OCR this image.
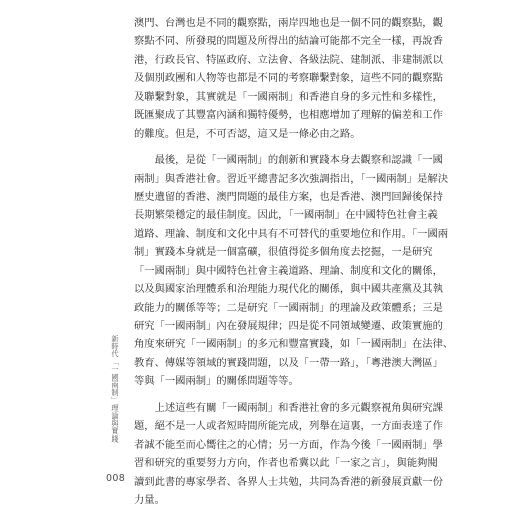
澳門、台灣也是不同的觀察點，兩岸四地也是一個不同的觀察點，觀
察點不同、所發現的問題及所得出的結論可能都不完全一樣，再說香
港，行政長官、特區政府、立法會、各級法院、建制派、非建制派以
及個別政團和人物等也都是不同的考察聯繫對象，這些不同的觀察點
及聯繫對象，其實就是「一國兩制」和香港自身的多元性和多樣性，
既匯聚成了其豐富內涵和獨特優勢，也相應增加了理解的偏差和工作
的難度。但是，不可否認，這又是一條必由之路。
　　最後，是從「一國兩制」的創新和實踐本身去觀察和認識「一國
兩制」與香港社會。習近平總書記多次強調指出，「一國兩制」是解決
歷史遺留的香港、澳門問題的最佳方案，也是香港、澳門回歸後保持
長期繁榮穩定的最佳制度。因此，「一國兩制」在中國特色社會主義
道路、理論、制度和文化中具有不可替代的重要地位和作用。「一國兩
制」實踐本身就是一個富礦，很值得從多個角度去挖掘，一是研究
「一國兩制」與中國特色社會主義道路、理論、制度和文化的關係，
以及與國家治理體系和治理能力現代化的關係，與中國共產黨及其執
政能力的關係等等；二是研究「一國兩制」的理論及政策體系；三是
研究「一國兩制」內在發展規律；四是從不同領域變遷、政策實施的
角度來研究「一國兩制」的多元和豐富實踐，如「一國兩制」在法律、
教育、傳媒等領域的實踐問題，以及「一帶一路」，「粵港澳大灣區」
等與「一國兩制」的關係問題等等。
　　上述這些有關「一國兩制」和香港社會的多元觀察視角與研究課
題，絕不是一人或者短時間所能完成，列舉在這裏，一方面表達了作
者誠不能至而心嚮往之的心情；另一方面，作為今後「一國兩制」學
習和研究的重要努力方向，作者也希冀以此「一家之言」，與能夠閱
讀到此書的專家學者、各界人士共勉，共同為香港的新發展貢獻一份
力量。
新時代「一國兩制」理論與實踐
008
